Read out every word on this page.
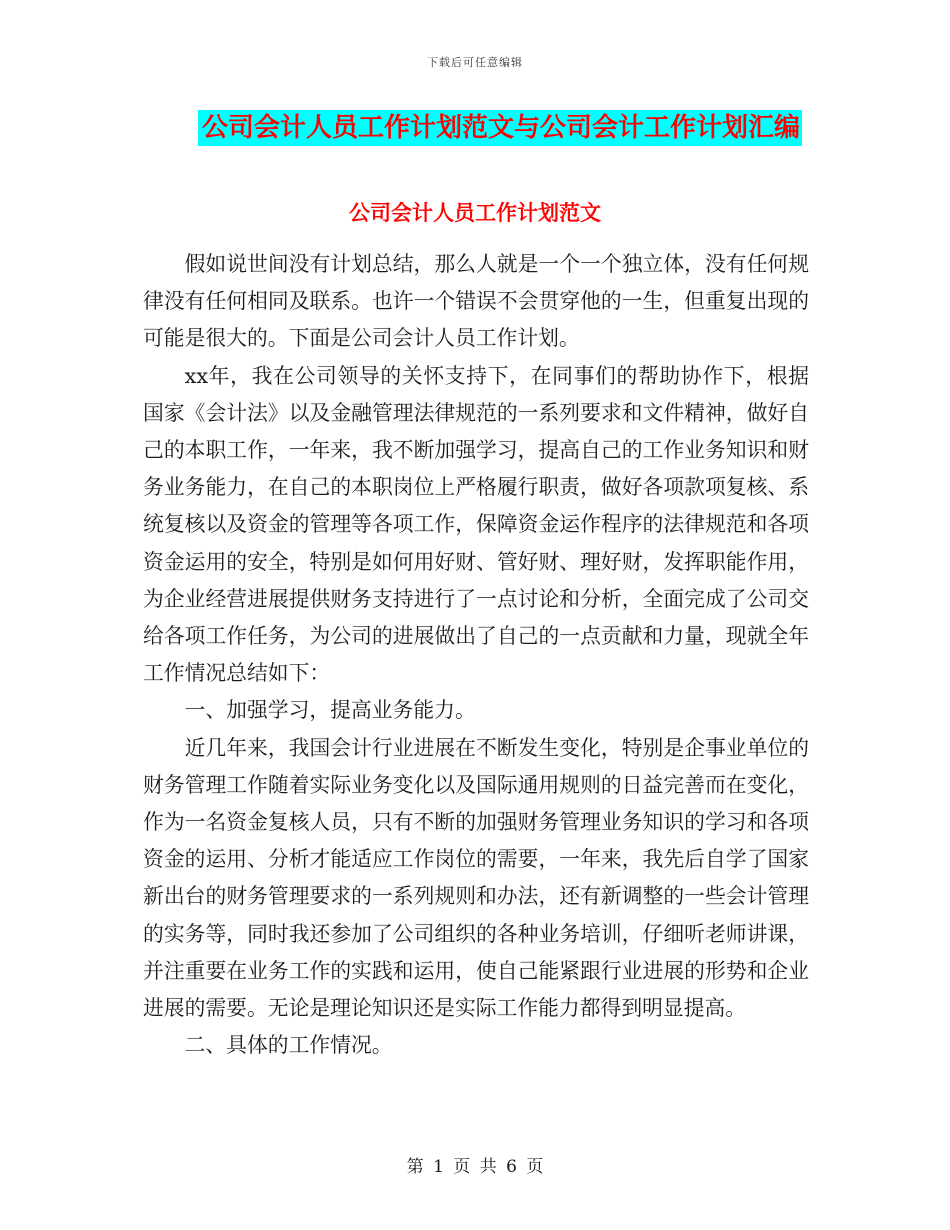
下载后可任意编辑
公司会计人员工作计划范文与公司会计工作计划汇编
公司会计人员工作计划范文

假如说世间没有计划总结，那么人就是一个一个独立体，没有任何规律没有任何相同及联系。也许一个错误不会贯穿他的一生，但重复出现的可能是很大的。下面是公司会计人员工作计划。

xx年，我在公司领导的关怀支持下，在同事们的帮助协作下，根据国家《会计法》以及金融管理法律规范的一系列要求和文件精神，做好自己的本职工作，一年来，我不断加强学习，提高自己的工作业务知识和财务业务能力，在自己的本职岗位上严格履行职责，做好各项款项复核、系统复核以及资金的管理等各项工作，保障资金运作程序的法律规范和各项资金运用的安全，特别是如何用好财、管好财、理好财，发挥职能作用，为企业经营进展提供财务支持进行了一点讨论和分析，全面完成了公司交给各项工作任务，为公司的进展做出了自己的一点贡献和力量，现就全年工作情况总结如下：

一、加强学习，提高业务能力。

近几年来，我国会计行业进展在不断发生变化，特别是企事业单位的财务管理工作随着实际业务变化以及国际通用规则的日益完善而在变化，作为一名资金复核人员，只有不断的加强财务管理业务知识的学习和各项资金的运用、分析才能适应工作岗位的需要，一年来，我先后自学了国家新出台的财务管理要求的一系列规则和办法，还有新调整的一些会计管理的实务等，同时我还参加了公司组织的各种业务培训，仔细听老师讲课，并注重要在业务工作的实践和运用，使自己能紧跟行业进展的形势和企业进展的需要。无论是理论知识还是实际工作能力都得到明显提高。

二、具体的工作情况。

第 1 页 共 6 页
